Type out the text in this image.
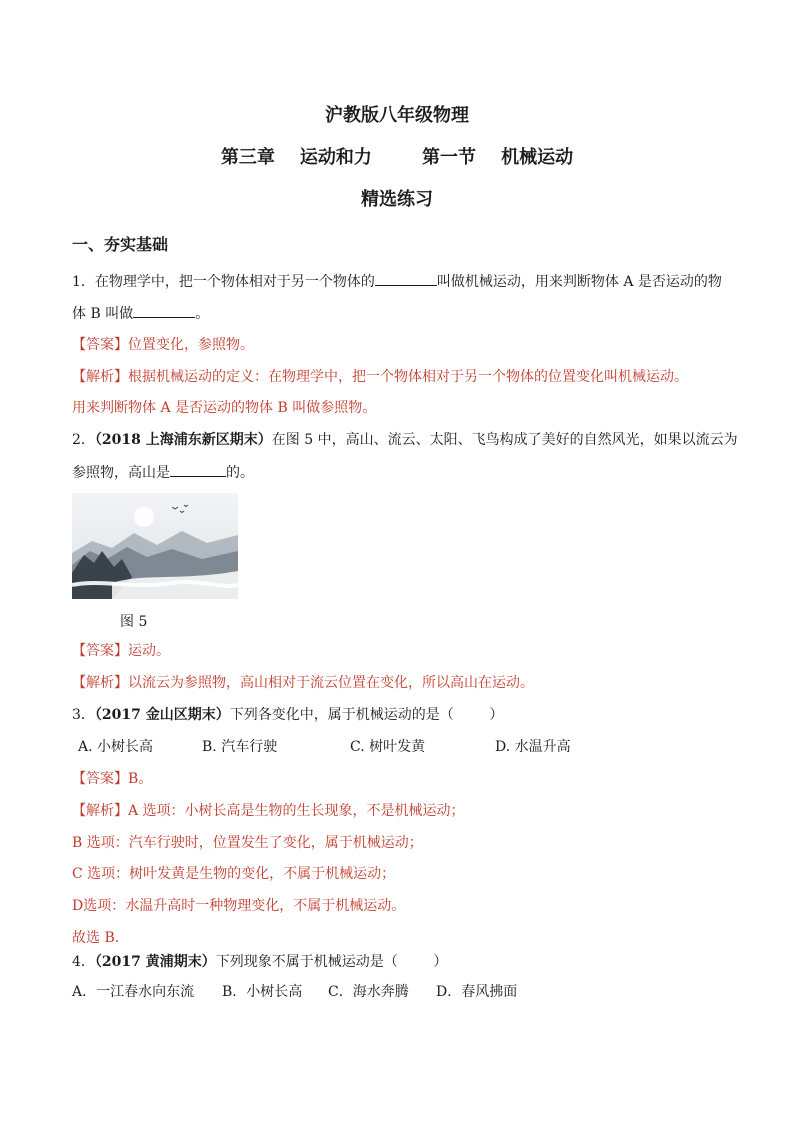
沪教版八年级物理
第三章    运动和力        第一节    机械运动
精选练习
一、夯实基础
1．在物理学中，把一个物体相对于另一个物体的	叫做机械运动，用来判断物体 A 是否运动的物
体 B 叫做	。
【答案】位置变化，参照物。
【解析】根据机械运动的定义：在物理学中，把一个物体相对于另一个物体的位置变化叫机械运动。
用来判断物体 A 是否运动的物体 B 叫做参照物。
2．（2018 上海浦东新区期末）在图 5 中，高山、流云、太阳、飞鸟构成了美好的自然风光，如果以流云为
参照物，高山是	的。
图 5
【答案】运动。
【解析】以流云为参照物，高山相对于流云位置在变化，所以高山在运动。
3．（2017 金山区期末）下列各变化中，属于机械运动的是（        ）
A. 小树长高	B. 汽车行驶	C. 树叶发黄	D. 水温升高
【答案】B。
【解析】A 选项：小树长高是生物的生长现象，不是机械运动；
B 选项：汽车行驶时，位置发生了变化，属于机械运动；
C 选项：树叶发黄是生物的变化，不属于机械运动；
D选项：水温升高时一种物理变化，不属于机械运动。
故选 B．
4．（2017 黄浦期末）下列现象不属于机械运动是（        ）
A．一江春水向东流 B．小树长高 C．海水奔腾 D．春风拂面
